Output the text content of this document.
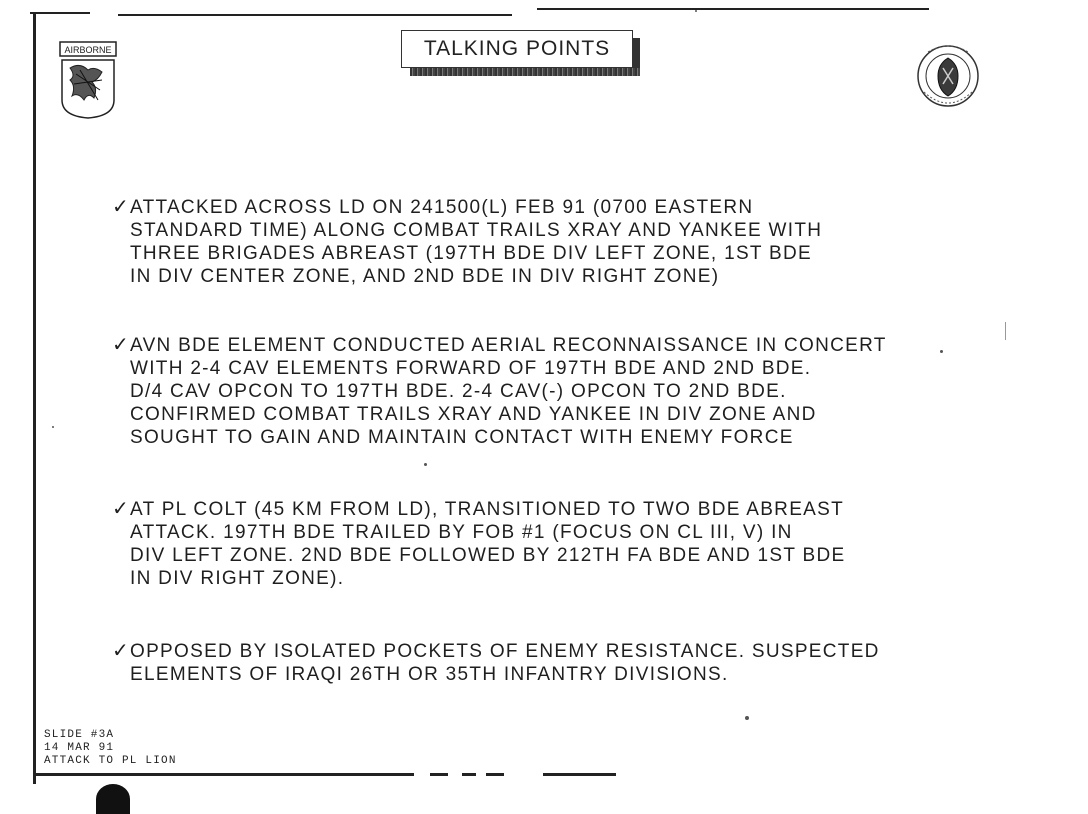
AIRBORNE	TALKING POINTS
✓ ATTACKED ACROSS LD ON 241500(L) FEB 91 (0700 EASTERN
STANDARD TIME) ALONG COMBAT TRAILS XRAY AND YANKEE WITH
THREE BRIGADES ABREAST (197TH BDE DIV LEFT ZONE, 1ST BDE
IN DIV CENTER ZONE, AND 2ND BDE IN DIV RIGHT ZONE)
✓ AVN BDE ELEMENT CONDUCTED AERIAL RECONNAISSANCE IN CONCERT
WITH 2-4 CAV ELEMENTS FORWARD OF 197TH BDE AND 2ND BDE.
D/4 CAV OPCON TO 197TH BDE. 2-4 CAV(-) OPCON TO 2ND BDE.
CONFIRMED COMBAT TRAILS XRAY AND YANKEE IN DIV ZONE AND
SOUGHT TO GAIN AND MAINTAIN CONTACT WITH ENEMY FORCE
✓ AT PL COLT (45 KM FROM LD), TRANSITIONED TO TWO BDE ABREAST
ATTACK. 197TH BDE TRAILED BY FOB #1 (FOCUS ON CL III, V) IN
DIV LEFT ZONE. 2ND BDE FOLLOWED BY 212TH FA BDE AND 1ST BDE
IN DIV RIGHT ZONE).
✓ OPPOSED BY ISOLATED POCKETS OF ENEMY RESISTANCE. SUSPECTED
ELEMENTS OF IRAQI 26TH OR 35TH INFANTRY DIVISIONS.
SLIDE #3A
14 MAR 91
ATTACK TO PL LION
